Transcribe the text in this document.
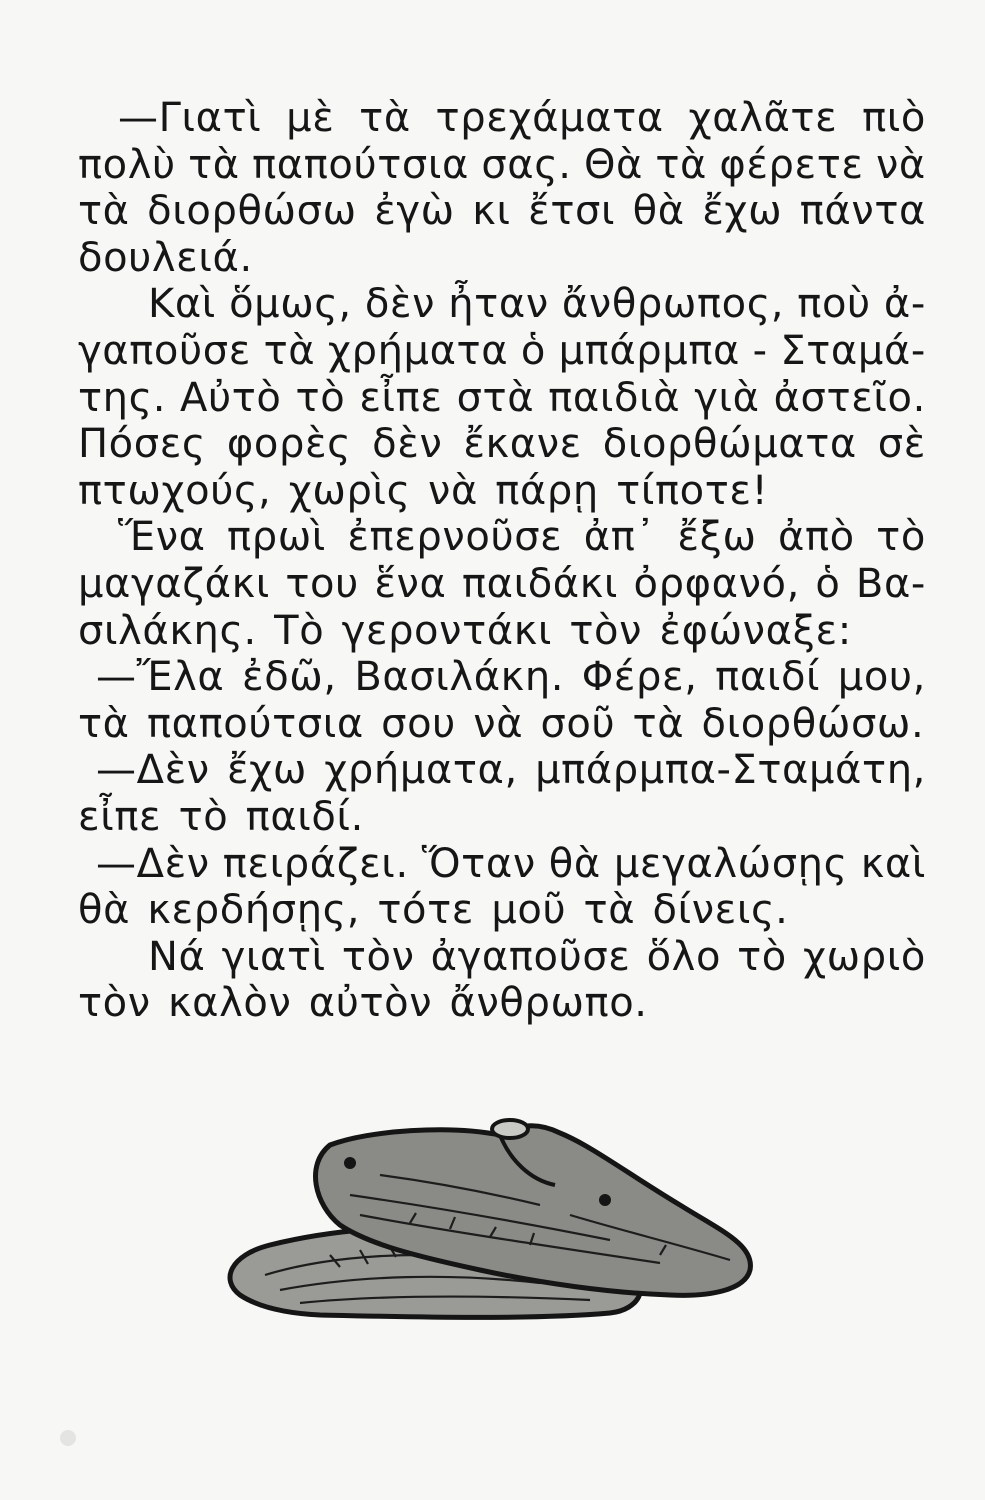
—Γιατὶ μὲ τὰ τρεχάματα χαλᾶτε πιὸ
πολὺ τὰ παπούτσια σας. Θὰ τὰ φέρετε νὰ
τὰ διορθώσω ἐγὼ κι ἔτσι θὰ ἔχω πάντα
δουλειά.
Καὶ ὅμως, δὲν ἦταν ἄνθρωπος, ποὺ ἀ-
γαποῦσε τὰ χρήματα ὁ μπάρμπα - Σταμά-
της. Αὐτὸ τὸ εἶπε στὰ παιδιὰ γιὰ ἀστεῖο.
Πόσες φορὲς δὲν ἔκανε διορθώματα σὲ
πτωχούς, χωρὶς νὰ πάρῃ τίποτε!
Ἕνα πρωὶ ἐπερνοῦσε ἀπ᾽ ἔξω ἀπὸ τὸ
μαγαζάκι του ἕνα παιδάκι ὀρφανό, ὁ Βα-
σιλάκης. Τὸ γεροντάκι τὸν ἐφώναξε:
—Ἔλα ἐδῶ, Βασιλάκη. Φέρε, παιδί μου,
τὰ παπούτσια σου νὰ σοῦ τὰ διορθώσω.
—Δὲν ἔχω χρήματα, μπάρμπα-Σταμάτη,
εἶπε τὸ παιδί.
—Δὲν πειράζει. Ὅταν θὰ μεγαλώσῃς καὶ
θὰ κερδήσῃς, τότε μοῦ τὰ δίνεις.
Νά γιατὶ τὸν ἀγαποῦσε ὅλο τὸ χωριὸ
τὸν καλὸν αὐτὸν ἄνθρωπο.
